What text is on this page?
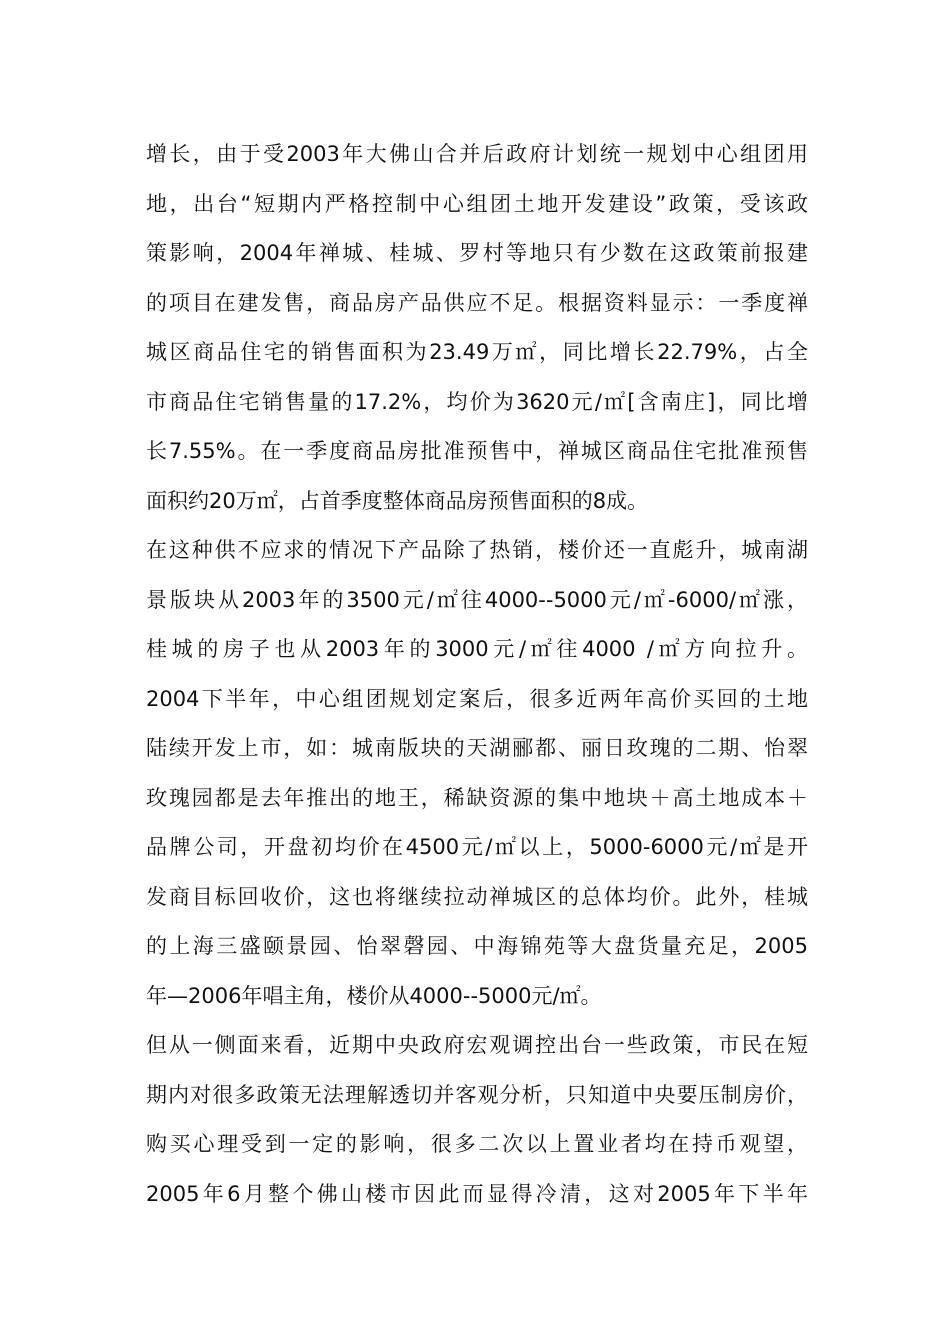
增长，由于受2003年大佛山合并后政府计划统一规划中心组团用
地，出台“短期内严格控制中心组团土地开发建设”政策，受该政
策影响，2004年禅城、桂城、罗村等地只有少数在这政策前报建
的项目在建发售，商品房产品供应不足。根据资料显示：一季度禅
城区商品住宅的销售面积为23.49万㎡，同比增长22.79%，占全
市商品住宅销售量的17.2%，均价为3620元/㎡[含南庄]，同比增
长7.55%。在一季度商品房批准预售中，禅城区商品住宅批准预售
面积约20万㎡，占首季度整体商品房预售面积的8成。
在这种供不应求的情况下产品除了热销，楼价还一直彪升，城南湖
景版块从2003年的3500元/㎡往4000--5000元/㎡-6000/㎡涨，
桂城的房子也从2003年的3000元/㎡往4000 /㎡方向拉升。
2004下半年，中心组团规划定案后，很多近两年高价买回的土地
陆续开发上市，如：城南版块的天湖郦都、丽日玫瑰的二期、怡翠
玫瑰园都是去年推出的地王，稀缺资源的集中地块＋高土地成本＋
品牌公司，开盘初均价在4500元/㎡以上，5000-6000元/㎡是开
发商目标回收价，这也将继续拉动禅城区的总体均价。此外，桂城
的上海三盛颐景园、怡翠磬园、中海锦苑等大盘货量充足，2005
年—2006年唱主角，楼价从4000--5000元/㎡。
但从一侧面来看，近期中央政府宏观调控出台一些政策，市民在短
期内对很多政策无法理解透切并客观分析，只知道中央要压制房价，
购买心理受到一定的影响，很多二次以上置业者均在持币观望，
2005年6月整个佛山楼市因此而显得冷清，这对2005年下半年
